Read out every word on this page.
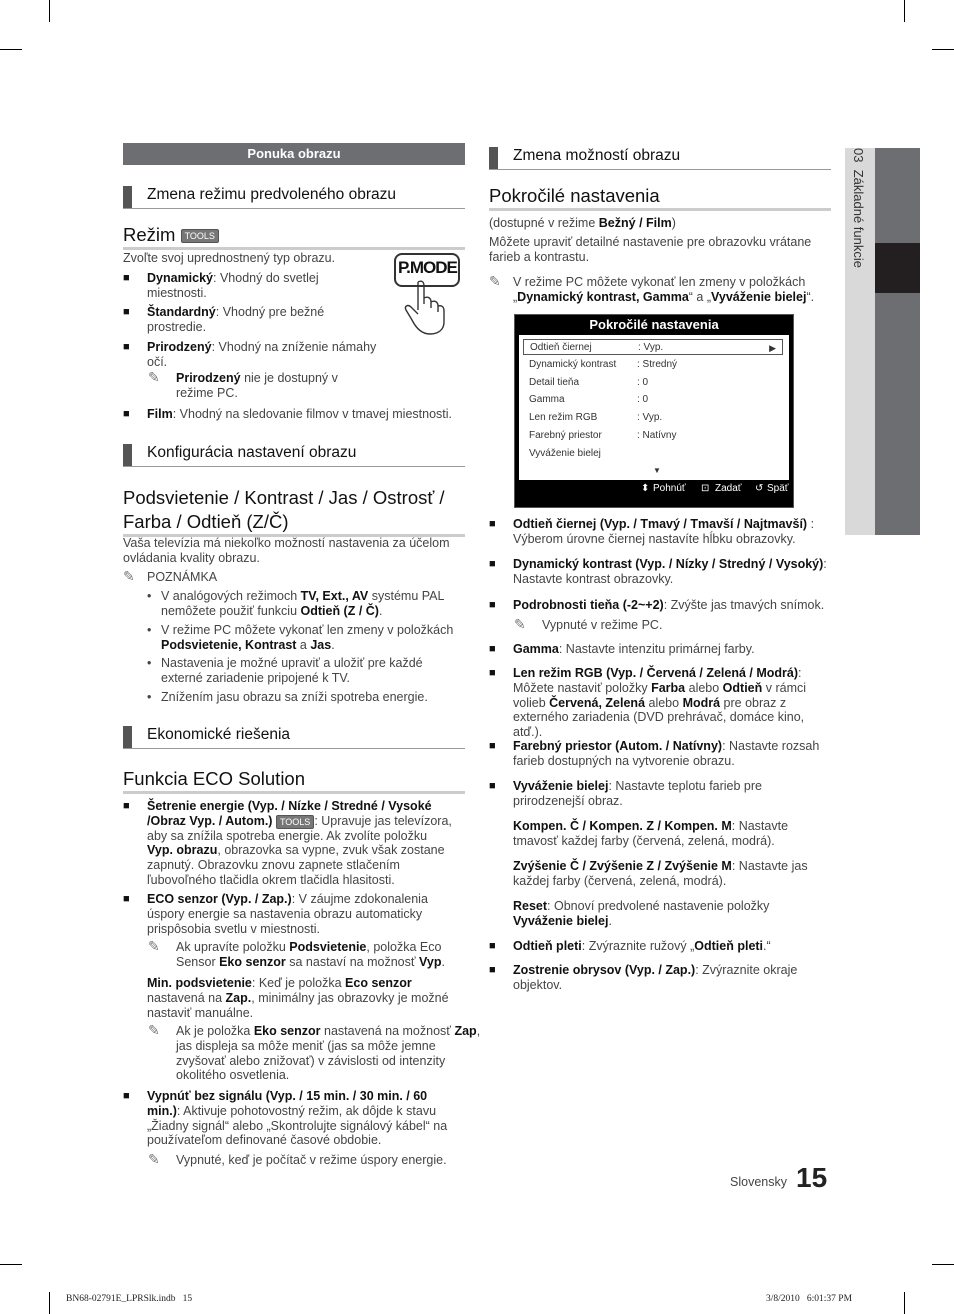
03  Základné funkcie
Ponuka obrazu
Zmena režimu predvoleného obrazu
Režim TOOLS
P.MODE
Zvoľte svoj uprednostnený typ obrazu.
■ Dynamický: Vhodný do svetlej miestnosti.
■ Štandardný: Vhodný pre bežné prostredie.
■ Prirodzený: Vhodný na zníženie námahy očí.
✎ Prirodzený nie je dostupný v režime PC.
■ Film: Vhodný na sledovanie filmov v tmavej miestnosti.
Konfigurácia nastavení obrazu
Podsvietenie / Kontrast / Jas / Ostrosť / Farba / Odtieň (Z/Č)
Vaša televízia má niekoľko možností nastavenia za účelom ovládania kvality obrazu.
✎ POZNÁMKA
• V analógových režimoch TV, Ext., AV systému PAL nemôžete použiť funkciu Odtieň (Z / Č).
• V režime PC môžete vykonať len zmeny v položkách Podsvietenie, Kontrast a Jas.
• Nastavenia je možné upraviť a uložiť pre každé externé zariadenie pripojené k TV.
• Znížením jasu obrazu sa zníži spotreba energie.
Ekonomické riešenia
Funkcia ECO Solution
■ Šetrenie energie (Vyp. / Nízke / Stredné / Vysoké /Obraz Vyp. / Autom.) TOOLS : Upravuje jas televízora, aby sa znížila spotreba energie. Ak zvolíte položku Vyp. obrazu, obrazovka sa vypne, zvuk však zostane zapnutý. Obrazovku znovu zapnete stlačením ľubovoľného tlačidla okrem tlačidla hlasitosti.
■ ECO senzor (Vyp. / Zap.): V záujme zdokonalenia úspory energie sa nastavenia obrazu automaticky prispôsobia svetlu v miestnosti.
✎ Ak upravíte položku Podsvietenie, položka Eco Sensor Eko senzor sa nastaví na možnosť Vyp.
Min. podsvietenie: Keď je položka Eco senzor nastavená na Zap., minimálny jas obrazovky je možné nastaviť manuálne.
✎ Ak je položka Eko senzor nastavená na možnosť Zap, jas displeja sa môže meniť (jas sa môže jemne zvyšovať alebo znižovať) v závislosti od intenzity okolitého osvetlenia.
■ Vypnúť bez signálu (Vyp. / 15 min. / 30 min. / 60 min.): Aktivuje pohotovostný režim, ak dôjde k stavu „Žiadny signál“ alebo „Skontrolujte signálový kábel“ na používateľom definované časové obdobie.
✎ Vypnuté, keď je počítač v režime úspory energie.
Zmena možností obrazu
Pokročilé nastavenia
(dostupné v režime Bežný / Film)
Môžete upraviť detailné nastavenie pre obrazovku vrátane farieb a kontrastu.
✎ V režime PC môžete vykonať len zmeny v položkách „Dynamický kontrast, Gamma“ a „Vyváženie bielej“.
Pokročilé nastavenia
Odtieň čiernej	: Vyp.	▶
Dynamický kontrast : Stredný
Detail tieňa	: 0
Gamma	: 0
Len režim RGB	: Vyp.
Farebný priestor	: Natívny
Vyváženie bielej
▼
⬍ Pohnúť ⊡ Zadať ↺ Späť
■ Odtieň čiernej (Vyp. / Tmavý / Tmavší / Najtmavší) : Výberom úrovne čiernej nastavíte hĺbku obrazovky.
■ Dynamický kontrast (Vyp. / Nízky / Stredný / Vysoký): Nastavte kontrast obrazovky.
■ Podrobnosti tieňa (-2~+2): Zvýšte jas tmavých snímok.
✎ Vypnuté v režime PC.
■ Gamma: Nastavte intenzitu primárnej farby.
■ Len režim RGB (Vyp. / Červená / Zelená / Modrá): Môžete nastaviť položky Farba alebo Odtieň v rámci volieb Červená, Zelená alebo Modrá pre obraz z externého zariadenia (DVD prehrávač, domáce kino, atď.).
■ Farebný priestor (Autom. / Natívny): Nastavte rozsah farieb dostupných na vytvorenie obrazu.
■ Vyváženie bielej: Nastavte teplotu farieb pre prirodzenejší obraz.
Kompen. Č / Kompen. Z / Kompen. M: Nastavte tmavosť každej farby (červená, zelená, modrá).
Zvýšenie Č / Zvýšenie Z / Zvýšenie M: Nastavte jas každej farby (červená, zelená, modrá).
Reset: Obnoví predvolené nastavenie položky Vyváženie bielej.
■ Odtieň pleti: Zvýraznite ružový „Odtieň pleti.“
■ Zostrenie obrysov (Vyp. / Zap.): Zvýraznite okraje objektov.
Slovensky 15
BN68-02791E_LPRSlk.indb   15	3/8/2010   6:01:37 PM
